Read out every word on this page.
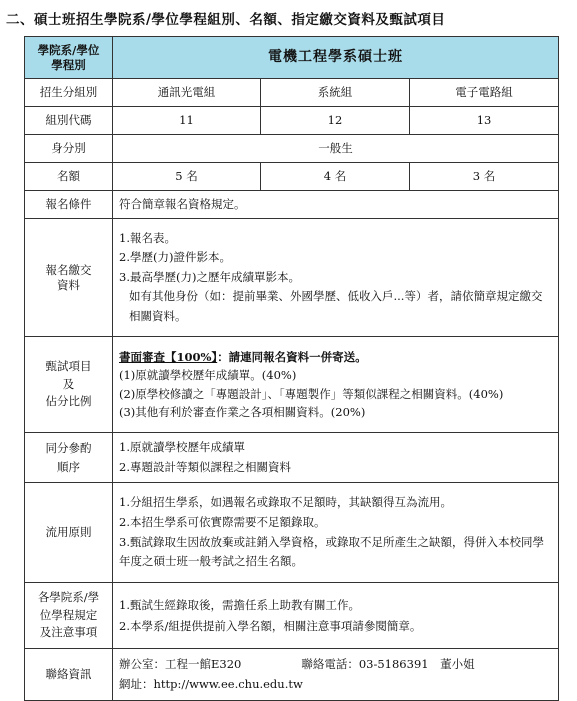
二、碩士班招生學院系/學位學程組別、名額、指定繳交資料及甄試項目
學院系/學位
學程別	電機工程學系碩士班		
招生分組別	通訊光電組	系統組	電子電路組
組別代碼	11	12	13
身分別	一般生		
名額	5 名	4 名	3 名
報名條件	符合簡章報名資格規定。		

報名繳交
資料	1.報名表。
2.學歷(力)證件影本。
3.最高學歷(力)之歷年成績單影本。
如有其他身份（如：提前畢業、外國學歷、低收入戶...等）者，請依簡章規定繳交相關資料。		

甄試項目
及
佔分比例	書面審查【100%】：請連同報名資料一併寄送。
(1)原就讀學校歷年成績單。(40%)
(2)原學校修讀之「專題設計」、「專題製作」等類似課程之相關資料。(40%)
(3)其他有利於審查作業之各項相關資料。(20%)		

同分參酌
順序	1.原就讀學校歷年成績單
2.專題設計等類似課程之相關資料		

流用原則	1.分組招生學系，如遇報名或錄取不足額時，其缺額得互為流用。
2.本招生學系可依實際需要不足額錄取。
3.甄試錄取生因故放棄或註銷入學資格，或錄取不足所產生之缺額，得併入本校同學年度之碩士班一般考試之招生名額。		

各學院系/學
位學程規定
及注意事項	1.甄試生經錄取後，需擔任系上助教有關工作。
2.本學系/組提供提前入學名額，相關注意事項請參閱簡章。		

聯絡資訊	辦公室：工程一館E320 聯絡電話：03-5186391　董小姐
網址：http://www.ee.chu.edu.tw		
